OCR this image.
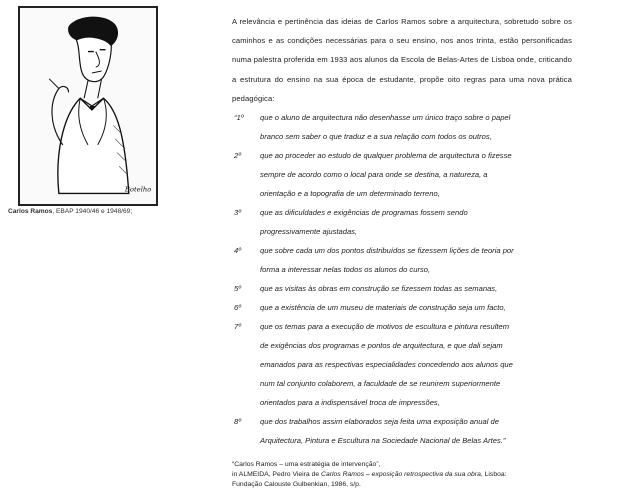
Botelho
Carlos Ramos, EBAP 1940/46 e 1948/69;

A relevância e pertinência das ideias de Carlos Ramos sobre a arquitectura, sobretudo sobre os caminhos e as condições necessárias para o seu ensino, nos anos trinta, estão personificadas numa palestra proferida em 1933 aos alunos da Escola de Belas-Artes de Lisboa onde, criticando a estrutura do ensino na sua época de estudante, propõe oito regras para uma nova prática pedagógica:

“1º	que o aluno de arquitectura não desenhasse um único traço sobre o papel
branco sem saber o que traduz e a sua relação com todos os outros,
2º	que ao proceder ao estudo de qualquer problema de arquitectura o fizesse
sempre de acordo como o local para onde se destina, a natureza, a
orientação e a topografia de um determinado terreno,
3º	que as dificuldades e exigências de programas fossem sendo
progressivamente ajustadas,
4º	que sobre cada um dos pontos distribuídos se fizessem lições de teoria por
forma a interessar nelas todos os alunos do curso,
5º	que as visitas às obras em construção se fizessem todas as semanas,
6º	que a existência de um museu de materiais de construção seja um facto,
7º	que os temas para a execução de motivos de escultura e pintura resultem
de exigências dos programas e pontos de arquitectura, e que dali sejam
emanados para as respectivas especialidades concedendo aos alunos que
num tal conjunto colaborem, a faculdade de se reunirem superiormente
orientados para a indispensável troca de impressões,
8º	que dos trabalhos assim elaborados seja feita uma exposição anual de
Arquitectura, Pintura e Escultura na Sociedade Nacional de Belas Artes.”
“Carlos Ramos – uma estratégia de intervenção”,
in ALMEIDA, Pedro Vieira de Carlos Ramos – exposição retrospectiva da sua obra, Lisboa:
Fundação Calouste Gulbenkian, 1986, s/p.
